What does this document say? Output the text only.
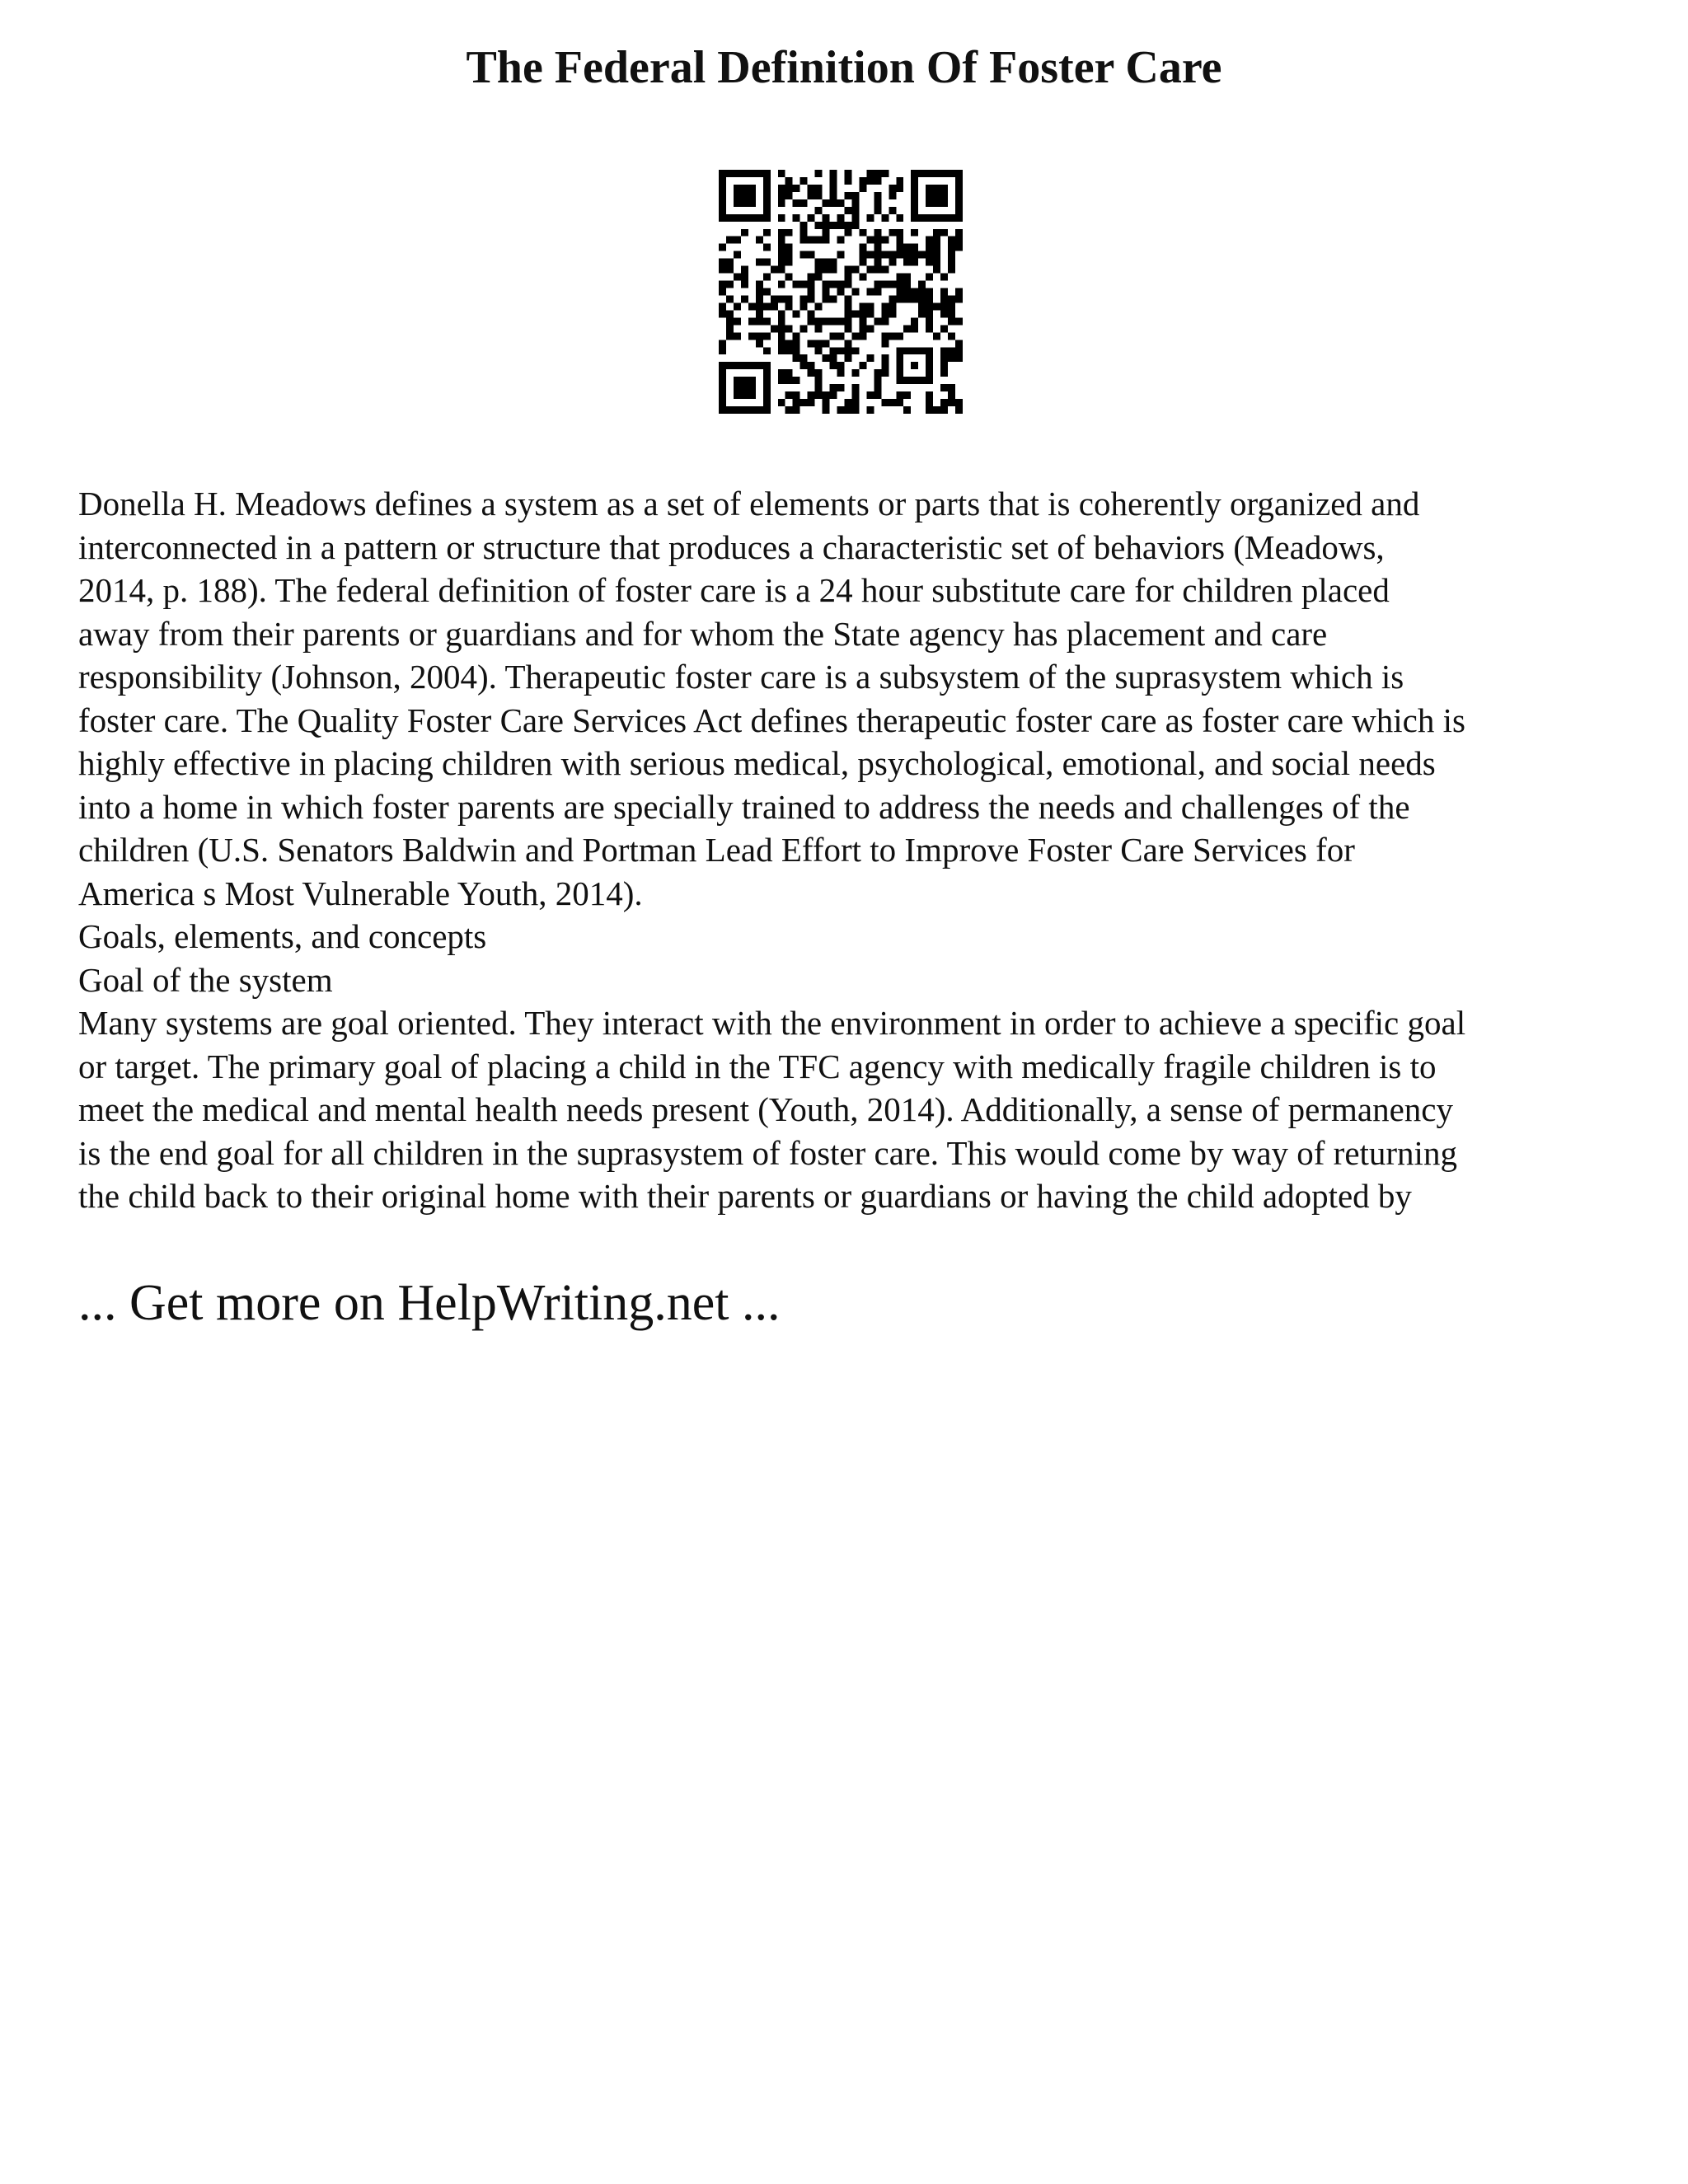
The Federal Definition Of Foster Care

Donella H. Meadows defines a system as a set of elements or parts that is coherently organized and

interconnected in a pattern or structure that produces a characteristic set of behaviors (Meadows,

2014, p. 188). The federal definition of foster care is a 24 hour substitute care for children placed

away from their parents or guardians and for whom the State agency has placement and care

responsibility (Johnson, 2004). Therapeutic foster care is a subsystem of the suprasystem which is

foster care. The Quality Foster Care Services Act defines therapeutic foster care as foster care which is

highly effective in placing children with serious medical, psychological, emotional, and social needs

into a home in which foster parents are specially trained to address the needs and challenges of the

children (U.S. Senators Baldwin and Portman Lead Effort to Improve Foster Care Services for

America s Most Vulnerable Youth, 2014).

Goals, elements, and concepts

Goal of the system

Many systems are goal oriented. They interact with the environment in order to achieve a specific goal

or target. The primary goal of placing a child in the TFC agency with medically fragile children is to

meet the medical and mental health needs present (Youth, 2014). Additionally, a sense of permanency

is the end goal for all children in the suprasystem of foster care. This would come by way of returning

the child back to their original home with their parents or guardians or having the child adopted by

... Get more on HelpWriting.net ...
